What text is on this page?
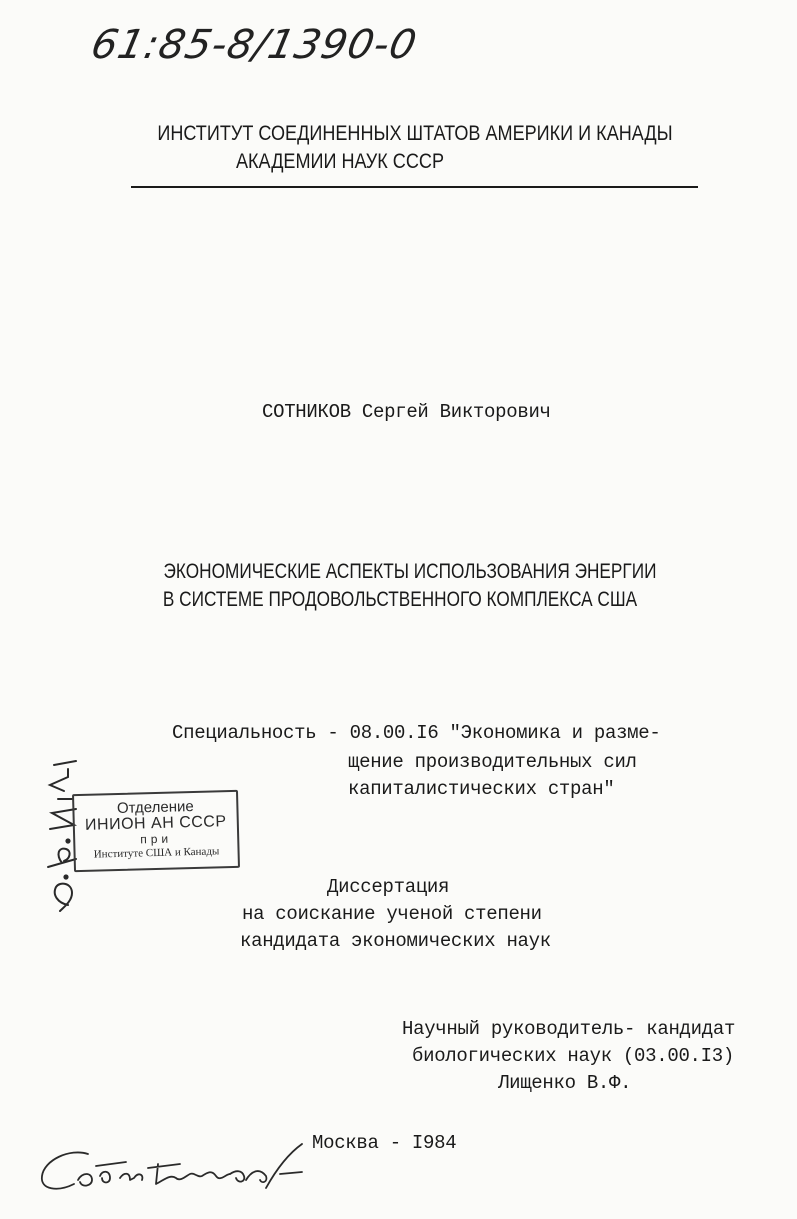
61:85-8/1390-0
ИНСТИТУТ СОЕДИНЕННЫХ ШТАТОВ АМЕРИКИ И КАНАДЫ
АКАДЕМИИ НАУК СССР
СОТНИКОВ Сергей Викторович
ЭКОНОМИЧЕСКИЕ АСПЕКТЫ ИСПОЛЬЗОВАНИЯ ЭНЕРГИИ
В СИСТЕМЕ ПРОДОВОЛЬСТВЕННОГО КОМПЛЕКСА США
Специальность - 08.00.I6 "Экономика и разме-
щение производительных сил
капиталистических стран"
Отделение
ИНИОН АН СССР
при
Институте США и Канады
Диссертация
на соискание ученой степени
кандидата экономических наук
Научный руководитель- кандидат
биологических наук (03.00.I3)
Лищенко В.Ф.
Москва - I984
